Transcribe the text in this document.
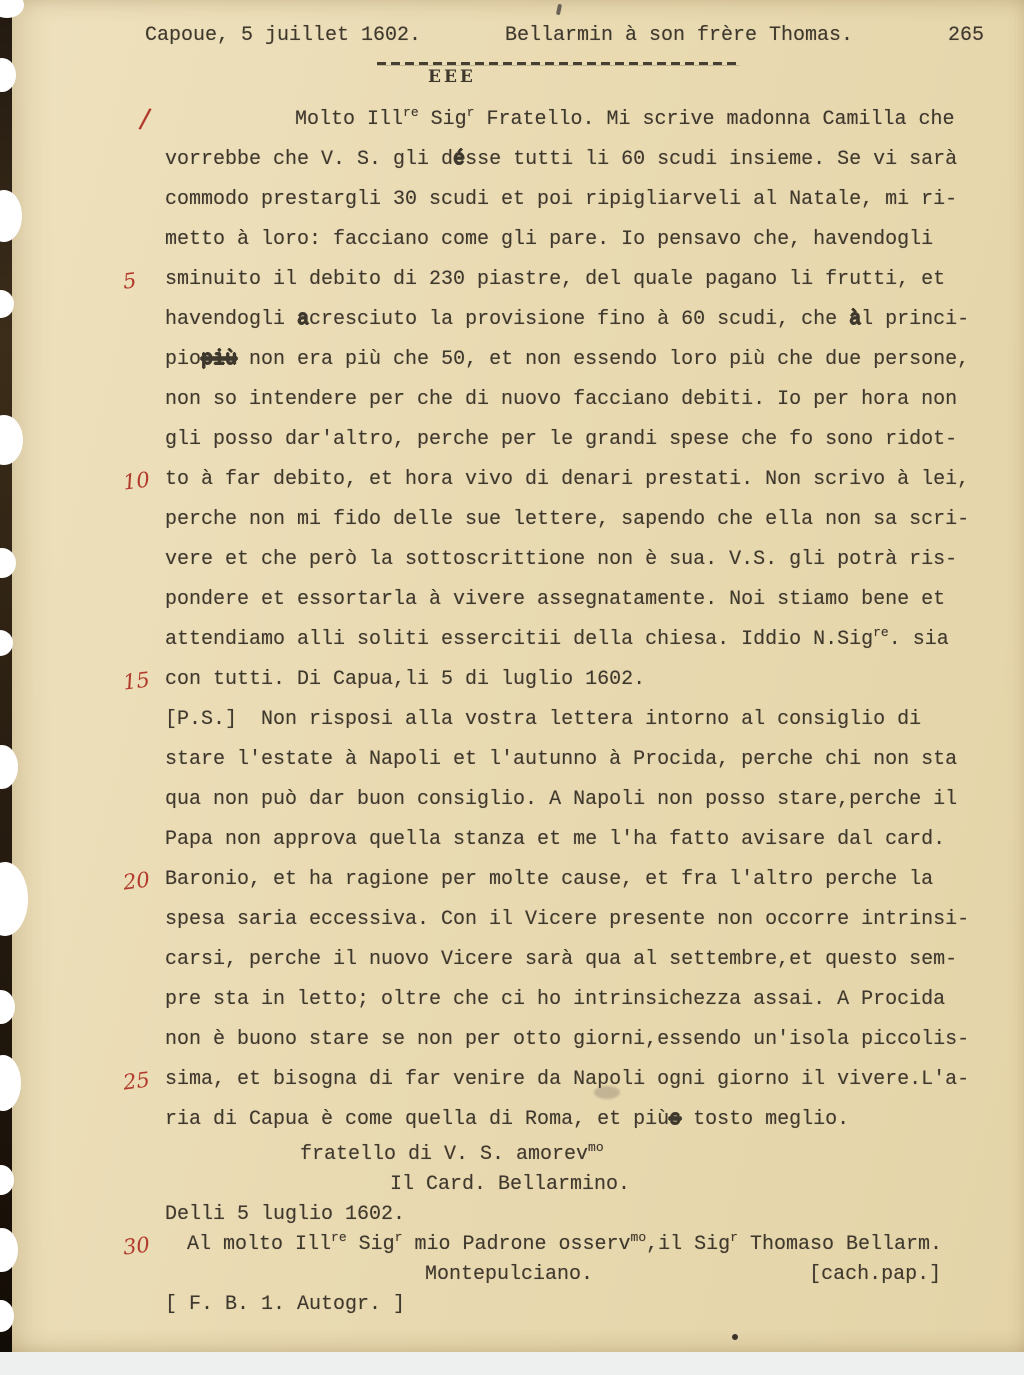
Capoue, 5 juillet 1602.	Bellarmin à son frère Thomas.	265
EEE
/	Molto Illre Sigr Fratello. Mi scrive madonna Camilla che
vorrebbe che V. S. gli désse tutti li 60 scudi insieme. Se vi sarà
commodo prestargli 30 scudi et poi ripigliarveli al Natale, mi ri-
metto à loro: facciano come gli pare. Io pensavo che, havendogli
5 sminuito il debito di 230 piastre, del quale pagano li frutti, et
havendogli acresciuto la provisione fino à 60 scudi, che àl princi-
piopiù non era più che 50, et non essendo loro più che due persone,
non so intendere per che di nuovo facciano debiti. Io per hora non
gli posso dar'altro, perche per le grandi spese che fo sono ridot-
10 to à far debito, et hora vivo di denari prestati. Non scrivo à lei,
perche non mi fido delle sue lettere, sapendo che ella non sa scri-
vere et che però la sottoscrittione non è sua. V.S. gli potrà ris-
pondere et essortarla à vivere assegnatamente. Noi stiamo bene et
attendiamo alli soliti essercitii della chiesa. Iddio N.Sigre. sia
15 con tutti. Di Capua,li 5 di luglio 1602.
[P.S.]  Non risposi alla vostra lettera intorno al consiglio di
stare l'estate à Napoli et l'autunno à Procida, perche chi non sta
qua non può dar buon consiglio. A Napoli non posso stare,perche il
Papa non approva quella stanza et me l'ha fatto avisare dal card.
20 Baronio, et ha ragione per molte cause, et fra l'altro perche la
spesa saria eccessiva. Con il Vicere presente non occorre intrinsi-
carsi, perche il nuovo Vicere sarà qua al settembre,et questo sem-
pre sta in letto; oltre che ci ho intrinsichezza assai. A Procida
non è buono stare se non per otto giorni,essendo un'isola piccolis-
25 sima, et bisogna di far venire da Napoli ogni giorno il vivere.L'a-
ria di Capua è come quella di Roma, et piùs tosto meglio.
fratello di V. S. amorevmo
Il Card. Bellarmino.
Delli 5 luglio 1602.
30 Al molto Illre Sigr mio Padrone osservmo,il Sigr Thomaso Bellarm.
Montepulciano.	[cach.pap.]
[ F. B. 1. Autogr. ]
